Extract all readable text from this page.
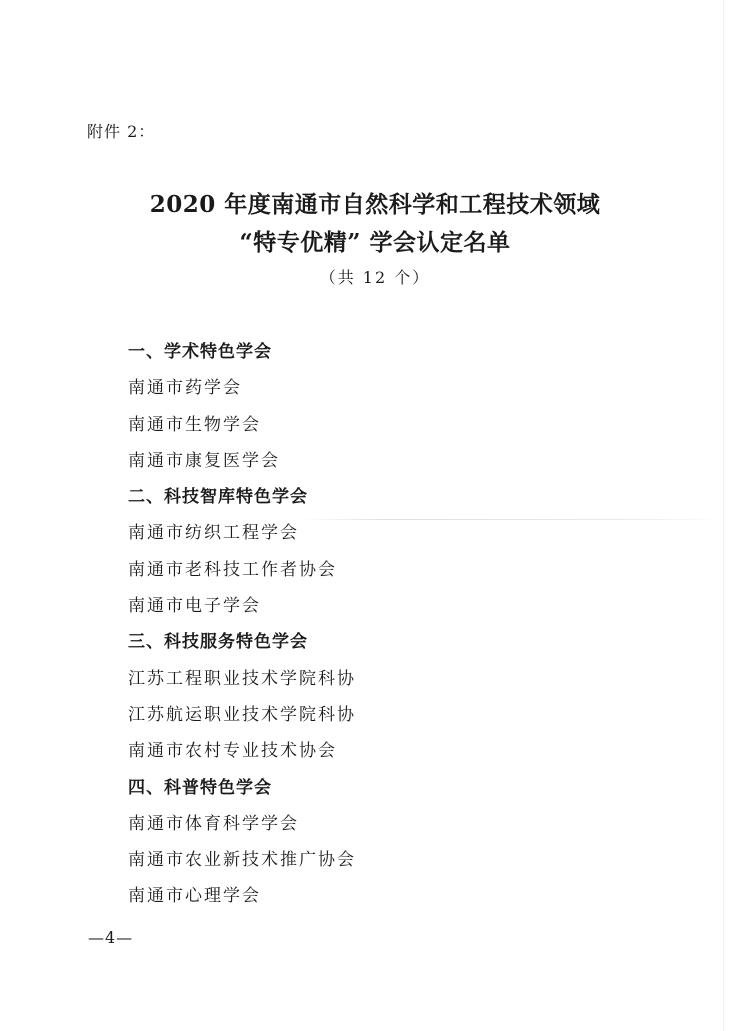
附件 2：
2020 年度南通市自然科学和工程技术领域
“特专优精” 学会认定名单
（共 12 个）
一、学术特色学会
南通市药学会
南通市生物学会
南通市康复医学会
二、科技智库特色学会
南通市纺织工程学会
南通市老科技工作者协会
南通市电子学会
三、科技服务特色学会
江苏工程职业技术学院科协
江苏航运职业技术学院科协
南通市农村专业技术协会
四、科普特色学会
南通市体育科学学会
南通市农业新技术推广协会
南通市心理学会
—4—
